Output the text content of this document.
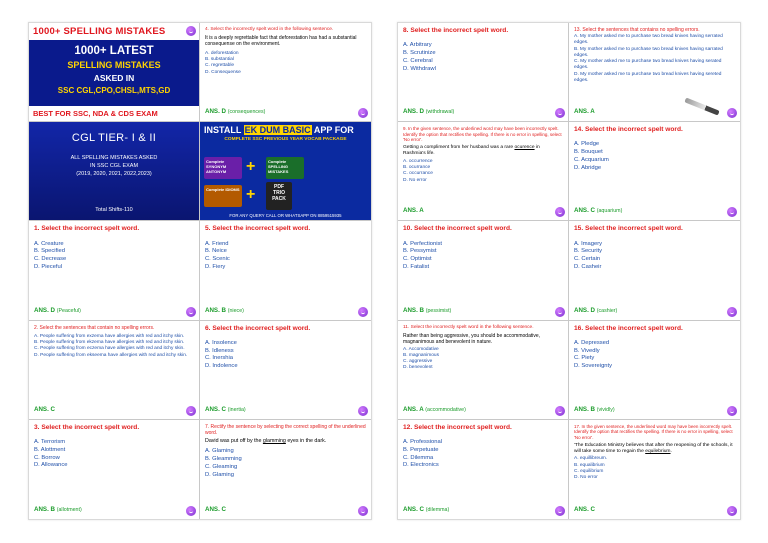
1000+ SPELLING MISTAKES
1000+ LATEST
SPELLING MISTAKES
ASKED IN
SSC CGL,CPO,CHSL,MTS,GD
BEST FOR SSC, NDA & CDS EXAM
4. Select the incorrectly spelt word in the following sentence.
It is a deeply regrettable fact that deforestation has had a substantial consequense on the environment.
A. deforestation
B. substantial
C. regrettable
D. Consequense
ANS. D (consequences)
CGL TIER- I & II
ALL SPELLING MISTAKES ASKED
IN SSC CGL EXAM
(2019, 2020, 2021, 2022,2023)
Total Shifts-110
INSTALL EK DUM BASIC APP FOR
COMPLETE SSC PREVIOUS YEAR VOCAB PACKAGE
Complete SYNONYM ANTONYM	+	Complete SPELLING MISTAKES
Complete IDIOMS +	PDF TRIO PACK
FOR ANY QUERY CALL OR WHATSAPP ON 8859515935
1. Select the incorrect spelt word.
A. Creature
B. Specified
C. Decrease
D. Pieceful
ANS. D (Peaceful)
5. Select the incorrect spelt word.
A. Friend
B. Neice
C. Scenic
D. Fiery
ANS. B (niece)
2. Select the sentences that contain no spelling errors.
A. People suffering from exzema have allergies with red and itchy skin.
B. People suffering from ekzema have allergies with red and itchy skin.
C. People suffering from eczema have allergies with red and itchy skin.
D. People suffering from ekseema have allergies with red and itchy skin.
ANS. C
6. Select the incorrect spelt word.
A. Insolence
B. Idleness
C. Inershia
D. Indolence
ANS. C (inertia)
3. Select the incorrect spelt word.
A. Terrorism
B. Alottment
C. Borrow
D. Allowance
ANS. B (allotment)
7. Rectify the sentence by selecting the correct spelling of the underlined word.
David was put off by the glamming eyes in the dark.
A. Glaming
B. Gleamming
C. Gleaming
D. Glaming
ANS. C
8. Select the incorrect spelt word.
A. Arbitrary
B. Scrutinize
C. Cerebral
D. Withdrawl
ANS. D (withdrawal)
13. Select the sentences that contains no spelling errors.
A. My mother asked me to purchase two bread knives having serrated edges.
B. My mother asked me to purchase two bread knives having sarrated edges.
C. My mother asked me to purchase two bread knives having serated edges.
D. My mother asked me to purchase two bread knives having sereted edges.
ANS. A
9. In the given sentence, the underlined word may have been incorrectly spelt. Identify the option that rectifies the spelling. If there is no error in spelling, select 'No error'.
Getting a compliment from her husband was a rare ocurence in Rashmia's life.
A. occurrence
B. ocurrance
C. occurrance
D. No error
ANS. A
14. Select the incorrect spelt word.
A. Pledge
B. Bouquet
C. Acquarium
D. Abridge
ANS. C (aquarium)
10. Select the incorrect spelt word.
A. Perfectionist
B. Pessymist
C. Optimist
D. Fatalist
ANS. B (pessimist)
15. Select the incorrect spelt word.
A. Imagery
B. Security
C. Certain
D. Casheir
ANS. D (cashier)
11. Select the incorrectly spelt word in the following sentence.
Rather than being aggressive, you should be accommodative, magnanimous and benevolent in nature.
A. Accomodative
B. magnanimous
C. aggressive
D. benevolent
ANS. A (accommodative)
16. Select the incorrect spelt word.
A. Depressed
B. Vivedly
C. Piety
D. Sovereignty
ANS. B (vividly)
12. Select the incorrect spelt word.
A. Professional
B. Perpetuate
C. Dilemma
D. Electronics
ANS. C (dilemma)
17. In the given sentence, the underlined word may have been incorrectly spelt. Identify the option that rectifies the spelling. If there is no error in spelling, select 'No error'.
'The Education Ministry believes that after the reopening of the schools, it will take some time to regain the equilebrium.
A. equillibreum.
B. equalibrium
C. equilibrium
D. No error
ANS. C
